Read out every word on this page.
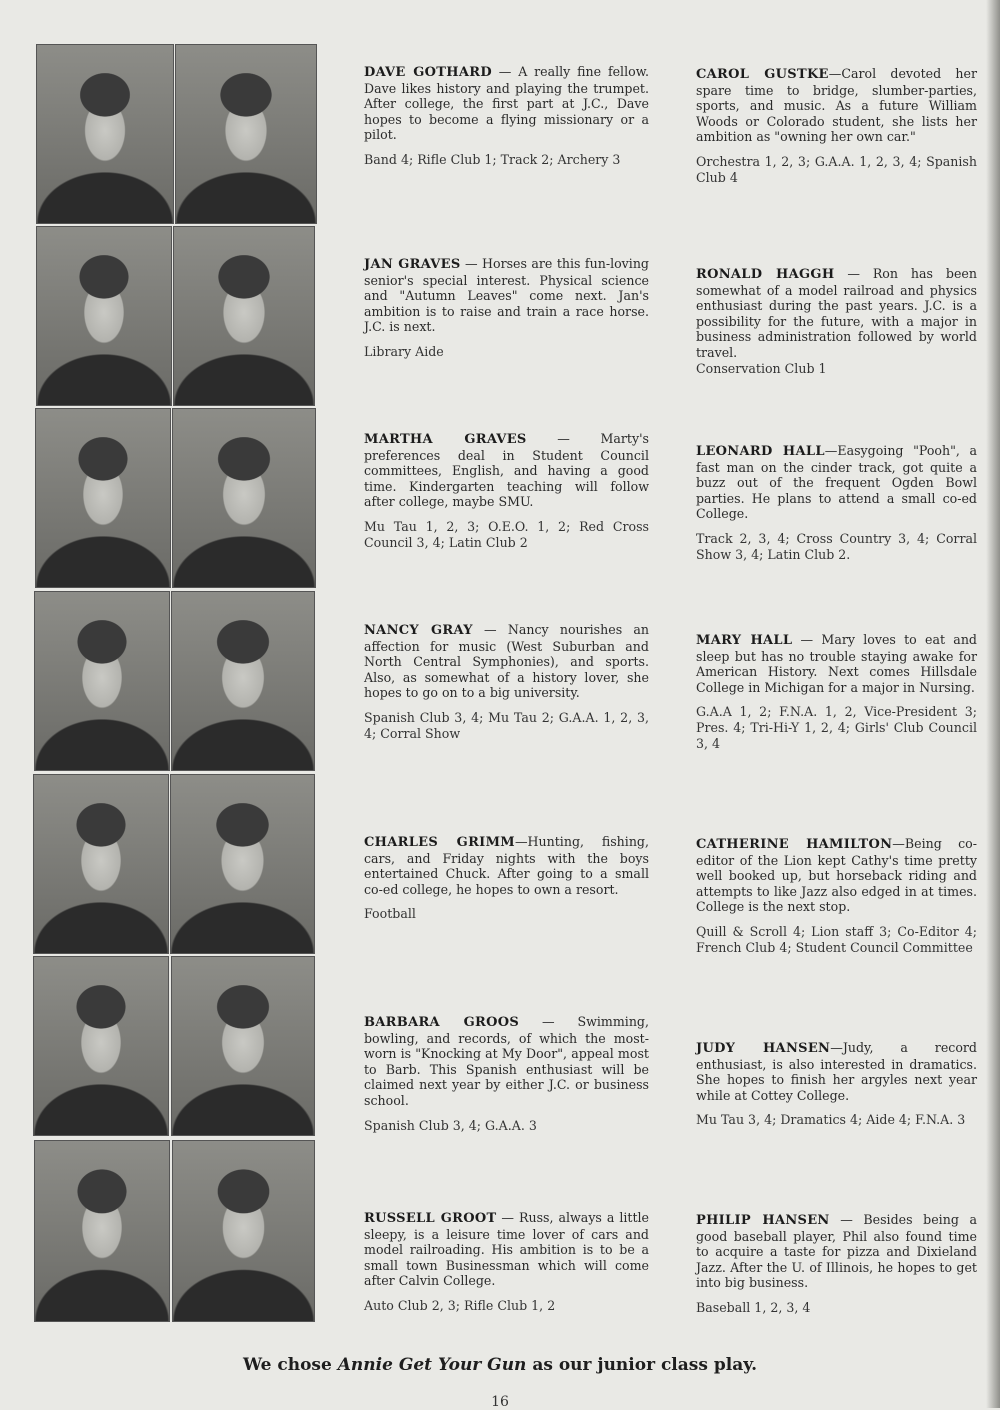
DAVE GOTHARD — A really fine fellow. Dave likes history and playing the trumpet. After college, the first part at J.C., Dave hopes to become a flying missionary or a pilot.

Band 4; Rifle Club 1; Track 2; Archery 3

JAN GRAVES — Horses are this fun-loving senior's special interest. Physical science and "Autumn Leaves" come next. Jan's ambition is to raise and train a race horse. J.C. is next.

Library Aide

MARTHA GRAVES — Marty's preferences deal in Student Council committees, English, and having a good time. Kindergarten teaching will follow after college, maybe SMU.

Mu Tau 1, 2, 3; O.E.O. 1, 2; Red Cross Council 3, 4; Latin Club 2

NANCY GRAY — Nancy nourishes an affection for music (West Suburban and North Central Symphonies), and sports. Also, as somewhat of a history lover, she hopes to go on to a big university.

Spanish Club 3, 4; Mu Tau 2; G.A.A. 1, 2, 3, 4; Corral Show

CHARLES GRIMM—Hunting, fishing, cars, and Friday nights with the boys entertained Chuck. After going to a small co-ed college, he hopes to own a resort.

Football

BARBARA GROOS — Swimming, bowling, and records, of which the most-worn is "Knocking at My Door", appeal most to Barb. This Spanish enthusiast will be claimed next year by either J.C. or business school.

Spanish Club 3, 4; G.A.A. 3

RUSSELL GROOT — Russ, always a little sleepy, is a leisure time lover of cars and model railroading. His ambition is to be a small town Businessman which will come after Calvin College.

Auto Club 2, 3; Rifle Club 1, 2

CAROL GUSTKE—Carol devoted her spare time to bridge, slumber-parties, sports, and music. As a future William Woods or Colorado student, she lists her ambition as "owning her own car."

Orchestra 1, 2, 3; G.A.A. 1, 2, 3, 4; Spanish Club 4

RONALD HAGGH — Ron has been somewhat of a model railroad and physics enthusiast during the past years. J.C. is a possibility for the future, with a major in business administration followed by world travel.

Conservation Club 1

LEONARD HALL—Easygoing "Pooh", a fast man on the cinder track, got quite a buzz out of the frequent Ogden Bowl parties. He plans to attend a small co-ed College.

Track 2, 3, 4; Cross Country 3, 4; Corral Show 3, 4; Latin Club 2.

MARY HALL — Mary loves to eat and sleep but has no trouble staying awake for American History. Next comes Hillsdale College in Michigan for a major in Nursing.

G.A.A 1, 2; F.N.A. 1, 2, Vice-President 3; Pres. 4; Tri-Hi-Y 1, 2, 4; Girls' Club Council 3, 4

CATHERINE HAMILTON—Being co-editor of the Lion kept Cathy's time pretty well booked up, but horseback riding and attempts to like Jazz also edged in at times. College is the next stop.

Quill & Scroll 4; Lion staff 3; Co-Editor 4; French Club 4; Student Council Committee

JUDY HANSEN—Judy, a record enthusiast, is also interested in dramatics. She hopes to finish her argyles next year while at Cottey College.

Mu Tau 3, 4; Dramatics 4; Aide 4; F.N.A. 3

PHILIP HANSEN — Besides being a good baseball player, Phil also found time to acquire a taste for pizza and Dixieland Jazz. After the U. of Illinois, he hopes to get into big business.

Baseball 1, 2, 3, 4

We chose Annie Get Your Gun as our junior class play.
16
